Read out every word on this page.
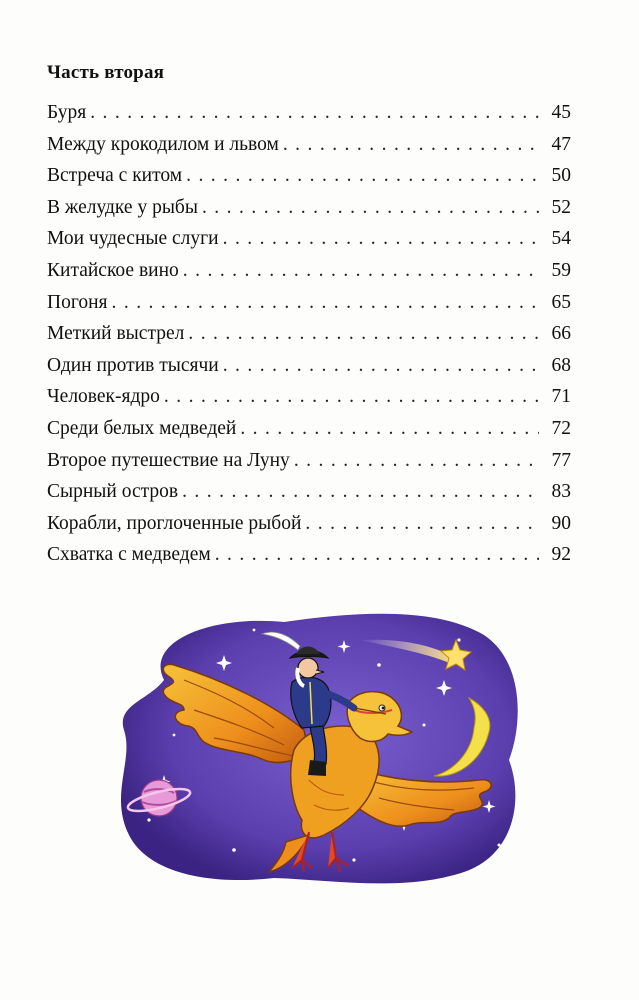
Часть вторая
Буря . . .	45
Между крокодилом и львом . . .	47
Встреча с китом . . .	50
В желудке у рыбы . . .	52
Мои чудесные слуги . . .	54
Китайское вино . . .	59
Погоня . . .	65
Меткий выстрел . . .	66
Один против тысячи . . .	68
Человек-ядро . . .	71
Среди белых медведей . . .	72
Второе путешествие на Луну . . .	77
Сырный остров . . .	83
Корабли, проглоченные рыбой . . .	90
Схватка с медведем . . .	92
